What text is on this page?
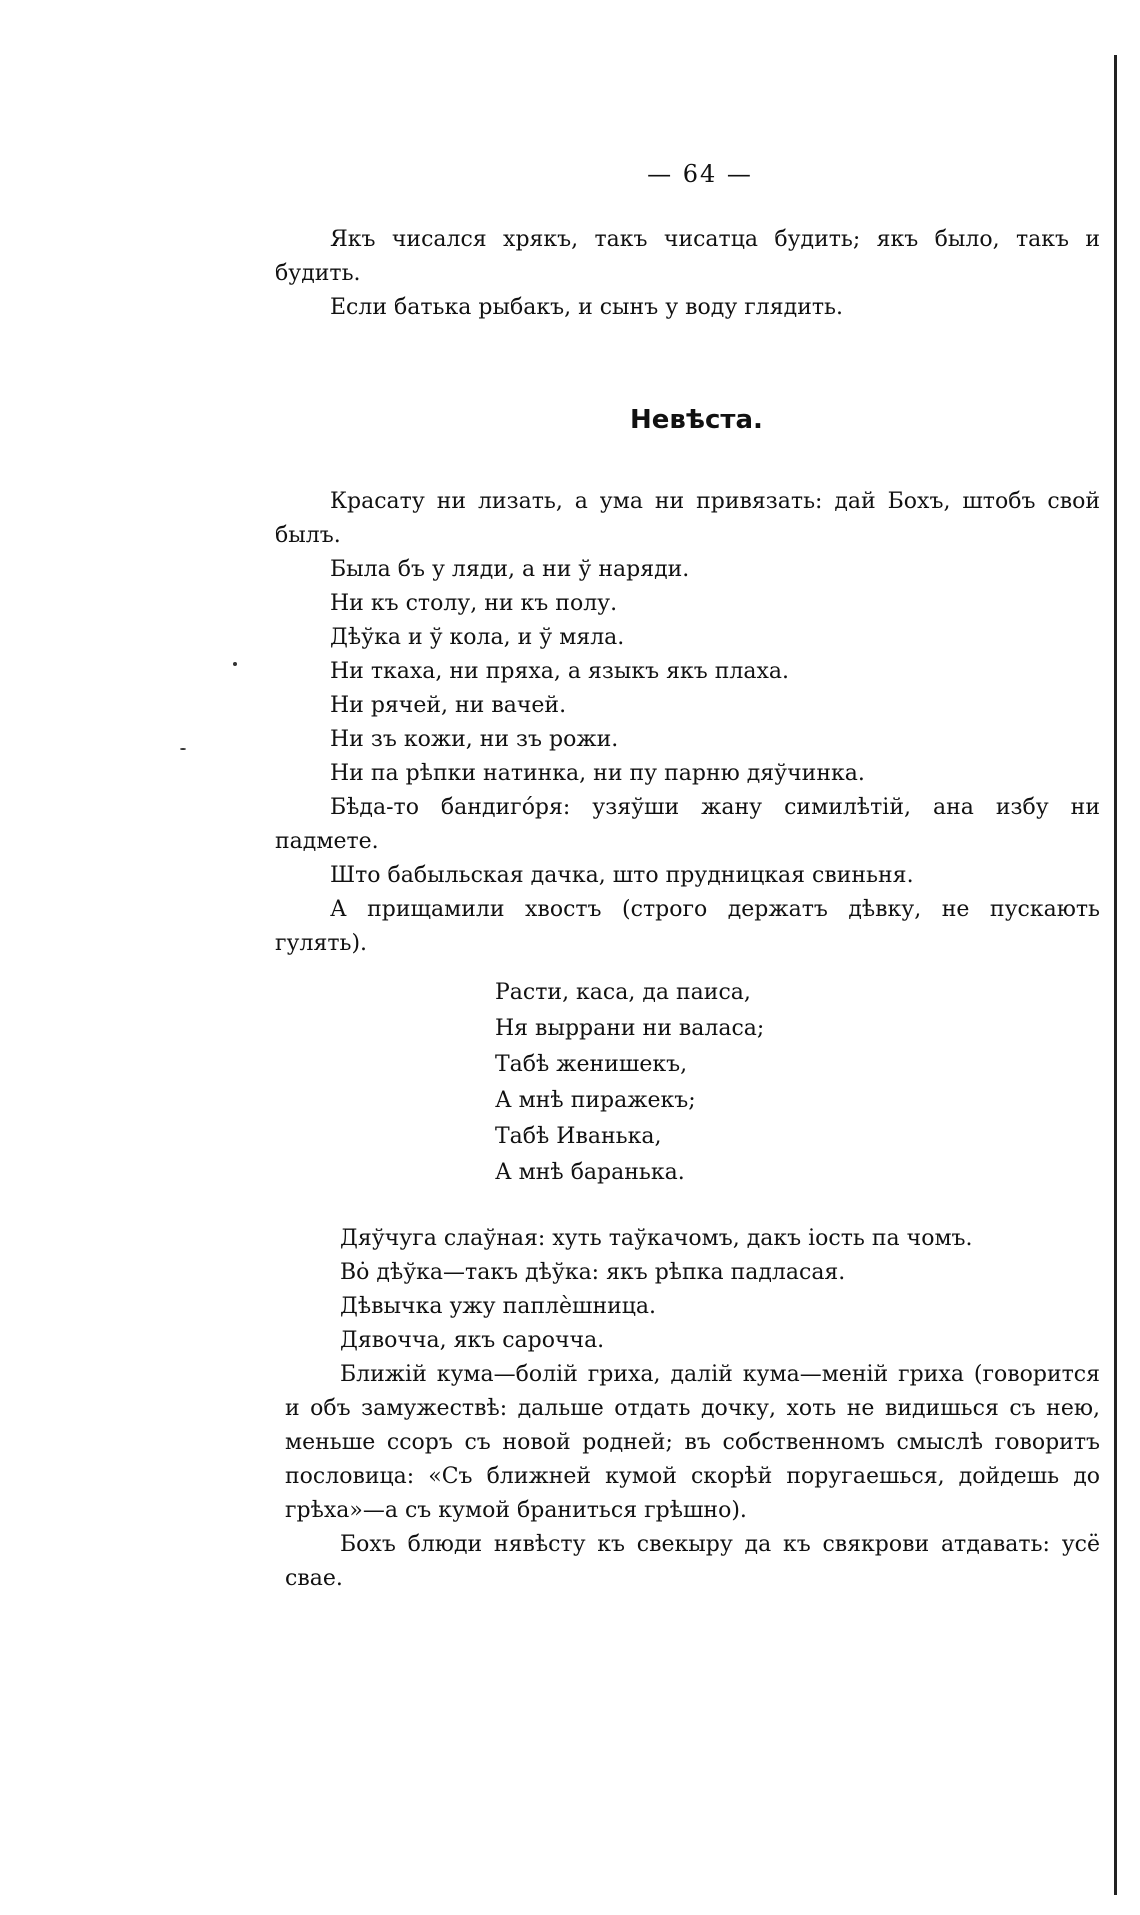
— 64 —

Якъ чисался хрякъ, такъ чисатца будить; якъ было, такъ и будить.

Если батька рыбакъ, и сынъ у воду глядить.

Невѣста.

Красату ни лизать, а ума ни привязать: дай Бохъ, штобъ свой былъ.

Была бъ у ляди, а ни ў наряди.
Ни къ столу, ни къ полу.
Дѣўка и ў кола, и ў мяла.
Ни ткаха, ни пряха, а языкъ якъ плаха.
Ни рячей, ни вачей.
Ни зъ кожи, ни зъ рожи.
Ни па рѣпки натинка, ни пу парню дяўчинка.

Бѣда-то бандигóря: узяўши жану симилѣтій, ана избу ни падмете.

Што бабыльская дачка, што прудницкая свиньня.

А прищамили хвостъ (строго держатъ дѣвку, не пускають гулять).

Расти, каса, да паиса,
Ня выррани ни валаса;
Табѣ женишекъ,
А мнѣ пиражекъ;
Табѣ Иванька,
А мнѣ баранька.
Дяўчуга слаўная: хуть таўкачомъ, дакъ іость па чомъ.
Вȯ дѣўка—такъ дѣўка: якъ рѣпка падласая.
Дѣвычка ужу паплѐшница.
Дявочча, якъ сарочча.

Ближій кума—болій гриха, далій кума—меній гриха (говорится и объ замужествѣ: дальше отдать дочку, хоть не видишься съ нею, меньше ссоръ съ новой родней; въ собственномъ смыслѣ говоритъ пословица: «Съ ближней кумой скорѣй поругаешься, дойдешь до грѣха»—а съ кумой браниться грѣшно).

Бохъ блюди нявѣсту къ свекыру да къ свякрови атдавать: усё свае.
